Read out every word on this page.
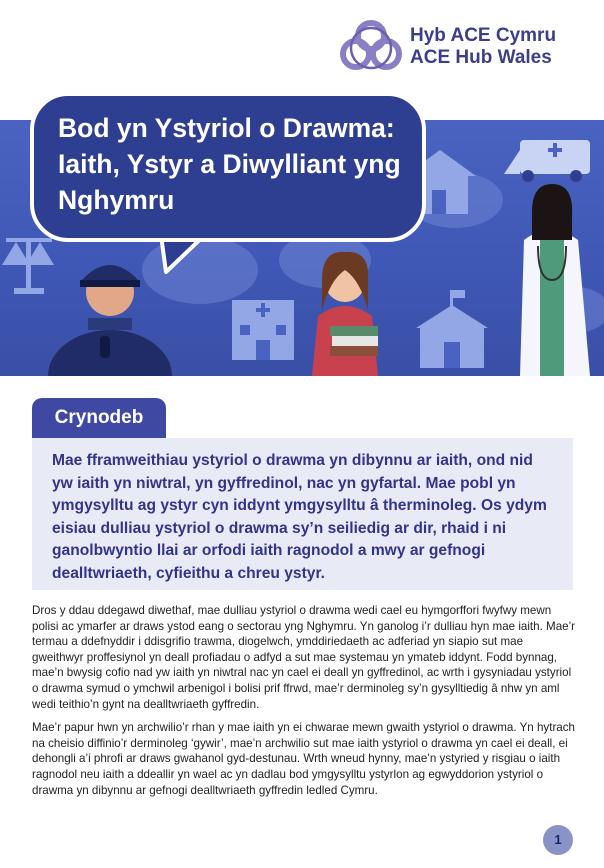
Hyb ACE Cymru
ACE Hub Wales
Bod yn Ystyriol o Drawma: Iaith, Ystyr a Diwylliant yng Nghymru
Crynodeb

Mae fframweithiau ystyriol o drawma yn dibynnu ar iaith, ond nid yw iaith yn niwtral, yn gyffredinol, nac yn gyfartal. Mae pobl yn ymgysylltu ag ystyr cyn iddynt ymgysylltu â therminoleg. Os ydym eisiau dulliau ystyriol o drawma sy’n seiliedig ar dir, rhaid i ni ganolbwyntio llai ar orfodi iaith ragnodol a mwy ar gefnogi dealltwriaeth, cyfieithu a chreu ystyr.

Dros y ddau ddegawd diwethaf, mae dulliau ystyriol o drawma wedi cael eu hymgorffori fwyfwy mewn polisi ac ymarfer ar draws ystod eang o sectorau yng Nghymru. Yn ganolog i’r dulliau hyn mae iaith. Mae’r termau a ddefnyddir i ddisgrifio trawma, diogelwch, ymddiriedaeth ac adferiad yn siapio sut mae gweithwyr proffesiynol yn deall profiadau o adfyd a sut mae systemau yn ymateb iddynt. Fodd bynnag, mae’n bwysig cofio nad yw iaith yn niwtral nac yn cael ei deall yn gyffredinol, ac wrth i gysyniadau ystyriol o drawma symud o ymchwil arbenigol i bolisi prif ffrwd, mae’r derminoleg sy’n gysylltiedig â nhw yn aml wedi teithio’n gynt na dealltwriaeth gyffredin.

Mae’r papur hwn yn archwilio’r rhan y mae iaith yn ei chwarae mewn gwaith ystyriol o drawma. Yn hytrach na cheisio diffinio’r derminoleg ‘gywir’, mae’n archwilio sut mae iaith ystyriol o drawma yn cael ei deall, ei dehongli a’i phrofi ar draws gwahanol gyd-destunau. Wrth wneud hynny, mae’n ystyried y risgiau o iaith ragnodol neu iaith a ddeallir yn wael ac yn dadlau bod ymgysylltu ystyrlon ag egwyddorion ystyriol o drawma yn dibynnu ar gefnogi dealltwriaeth gyffredin ledled Cymru.

1
